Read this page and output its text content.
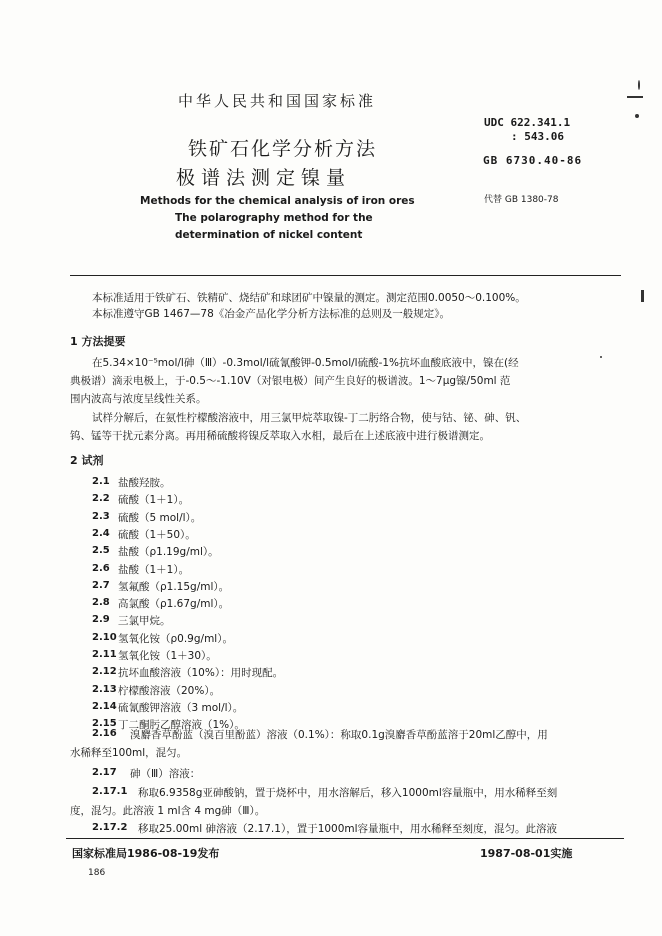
中华人民共和国国家标准
铁矿石化学分析方法
极谱法测定镍量
UDC 622.341.1
: 543.06
GB 6730.40-86
代替 GB 1380-78
Methods for the chemical analysis of iron ores
The polarography method for the
determination of nickel content
本标准适用于铁矿石、铁精矿、烧结矿和球团矿中镍量的测定。测定范围0.0050～0.100%。
本标准遵守GB 1467—78《冶金产品化学分析方法标准的总则及一般规定》。
1 方法提要
在5.34×10⁻⁵mol/l砷（Ⅲ）-0.3mol/l硫氰酸钾-0.5mol/l硫酸-1%抗坏血酸底液中，镍在(经
典极谱）滴汞电极上，于-0.5～-1.10V（对银电极）间产生良好的极谱波。1～7μg镍/50ml 范
围内波高与浓度呈线性关系。
试样分解后，在氨性柠檬酸溶液中，用三氯甲烷萃取镍-丁二肟络合物，使与钴、铋、砷、钒、
钨、锰等干扰元素分离。再用稀硫酸将镍反萃取入水相，最后在上述底液中进行极谱测定。
2 试剂
2.1 盐酸羟胺。
2.2 硫酸（1＋1）。
2.3 硫酸（5 mol/l）。
2.4 硫酸（1＋50）。
2.5 盐酸（ρ1.19g/ml）。
2.6 盐酸（1＋1）。
2.7 氢氟酸（ρ1.15g/ml）。
2.8 高氯酸（ρ1.67g/ml）。
2.9 三氯甲烷。
2.10 氢氧化铵（ρ0.9g/ml）。
2.11 氢氧化铵（1＋30）。
2.12 抗坏血酸溶液（10%）：用时现配。
2.13 柠檬酸溶液（20%）。
2.14 硫氰酸钾溶液（3 mol/l）。
2.15 丁二酮肟乙醇溶液（1%）。
2.16 溴麝香草酚蓝（溴百里酚蓝）溶液（0.1%）：称取0.1g溴麝香草酚蓝溶于20ml乙醇中，用
水稀释至100ml，混匀。
2.17 砷（Ⅲ）溶液：
2.17.1 称取6.9358g亚砷酸钠，置于烧杯中，用水溶解后，移入1000ml容量瓶中，用水稀释至刻
度，混匀。此溶液 1 ml含 4 mg砷（Ⅲ）。
2.17.2 移取25.00ml 砷溶液（2.17.1），置于1000ml容量瓶中，用水稀释至刻度，混匀。此溶液
国家标准局1986-08-19发布	1987-08-01实施
186
